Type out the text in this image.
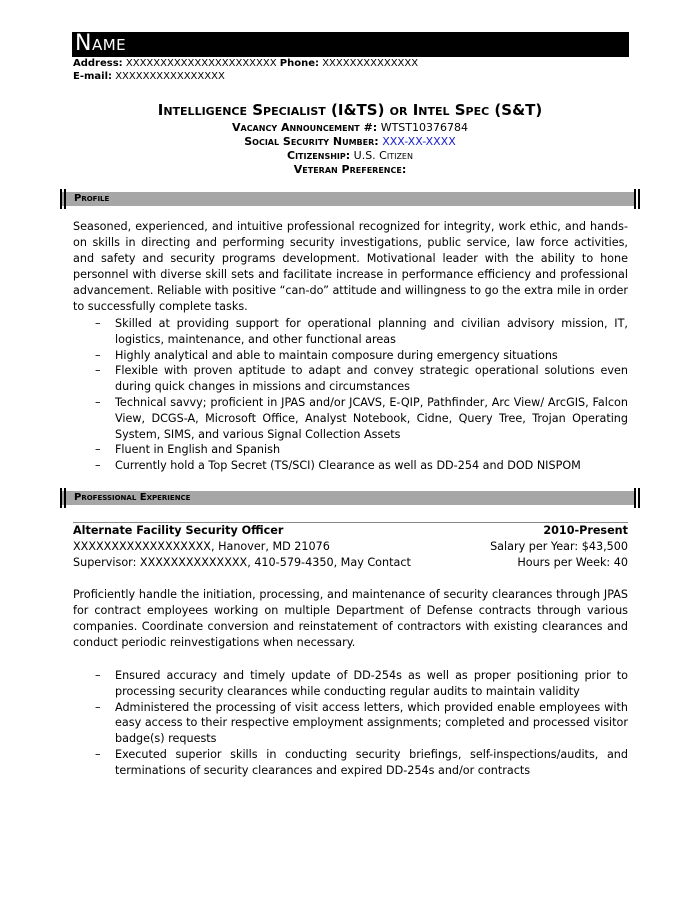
Name
Address: XXXXXXXXXXXXXXXXXXXXXX Phone: XXXXXXXXXXXXXX
E-mail: XXXXXXXXXXXXXXXX
Intelligence Specialist (I&TS) or Intel Spec (S&T)
Vacancy Announcement #: WTST10376784
Social Security Number: XXX-XX-XXXX
Citizenship: U.S. Citizen
Veteran Preference:
Profile
Seasoned, experienced, and intuitive professional recognized for integrity, work ethic, and hands-on skills in directing and performing security investigations, public service, law force activities, and safety and security programs development. Motivational leader with the ability to hone personnel with diverse skill sets and facilitate increase in performance efficiency and professional advancement. Reliable with positive “can-do” attitude and willingness to go the extra mile in order to successfully complete tasks.
– Skilled at providing support for operational planning and civilian advisory mission, IT, logistics, maintenance, and other functional areas
– Highly analytical and able to maintain composure during emergency situations
– Flexible with proven aptitude to adapt and convey strategic operational solutions even during quick changes in missions and circumstances
– Technical savvy; proficient in JPAS and/or JCAVS, E-QIP, Pathfinder, Arc View/ ArcGIS, Falcon View, DCGS-A, Microsoft Office, Analyst Notebook, Cidne, Query Tree, Trojan Operating System, SIMS, and various Signal Collection Assets
– Fluent in English and Spanish
– Currently hold a Top Secret (TS/SCI) Clearance as well as DD-254 and DOD NISPOM
Professional Experience
Alternate Facility Security Officer	2010-Present
XXXXXXXXXXXXXXXXXX, Hanover, MD 21076	Salary per Year: $43,500
Supervisor: XXXXXXXXXXXXXX, 410-579-4350, May Contact	Hours per Week: 40
Proficiently handle the initiation, processing, and maintenance of security clearances through JPAS for contract employees working on multiple Department of Defense contracts through various companies. Coordinate conversion and reinstatement of contractors with existing clearances and conduct periodic reinvestigations when necessary.
– Ensured accuracy and timely update of DD-254s as well as proper positioning prior to processing security clearances while conducting regular audits to maintain validity
– Administered the processing of visit access letters, which provided enable employees with easy access to their respective employment assignments; completed and processed visitor badge(s) requests
– Executed superior skills in conducting security briefings, self-inspections/audits, and terminations of security clearances and expired DD-254s and/or contracts
